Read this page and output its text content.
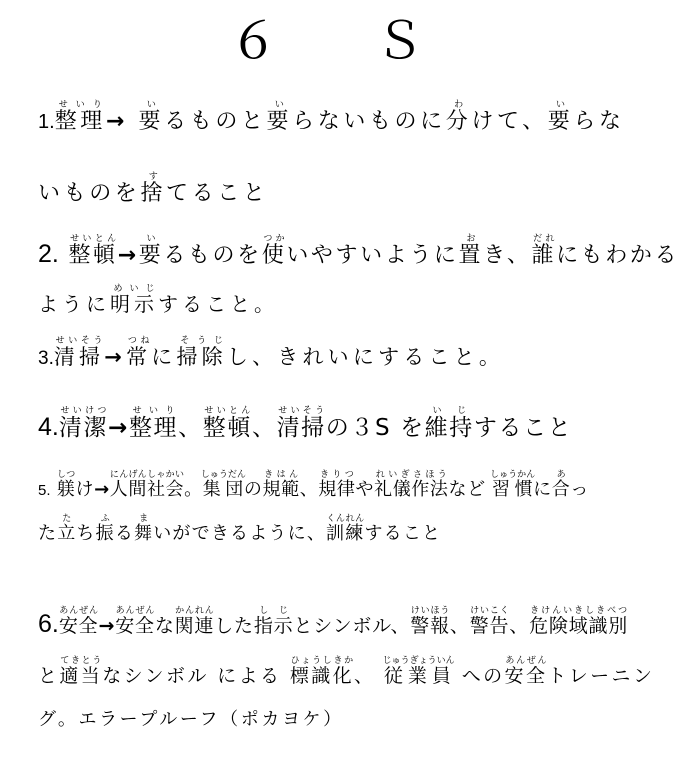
６ Ｓ
1.整理せいり→ 要いるものと要いらないものに分わけて、要いらな
いものを捨すてること
2. 整頓せいとん→要いるものを使つかいやすいように置おき、誰だれにもわかる
ように明示めいじすること。
3.清掃せいそう→常つねに掃除そうじし、きれいにすること。
4.清潔せいけつ→整理せいり、整頓せいとん、清掃せいそうの３S を維持いじすること
5. 躾しつけ→人間社会にんげんしゃかい。集団しゅうだんの規範きはん、規律きりつや礼儀作法れいぎさほうなど 習慣しゅうかんに合あっ
た立たち振ふる舞まいができるように、訓練くんれんすること
6.安全あんぜん→安全あんぜんな関連かんれんした指示しじとシンボル、警報けいほう、警告けいこく、危険域識別きけんいきしきべつ
と適当てきとうなシンボル による 標識化ひょうしきか、 従業員じゅうぎょういん への安全あんぜんトレーニン
グ。エラープルーフ（ポカヨケ）
